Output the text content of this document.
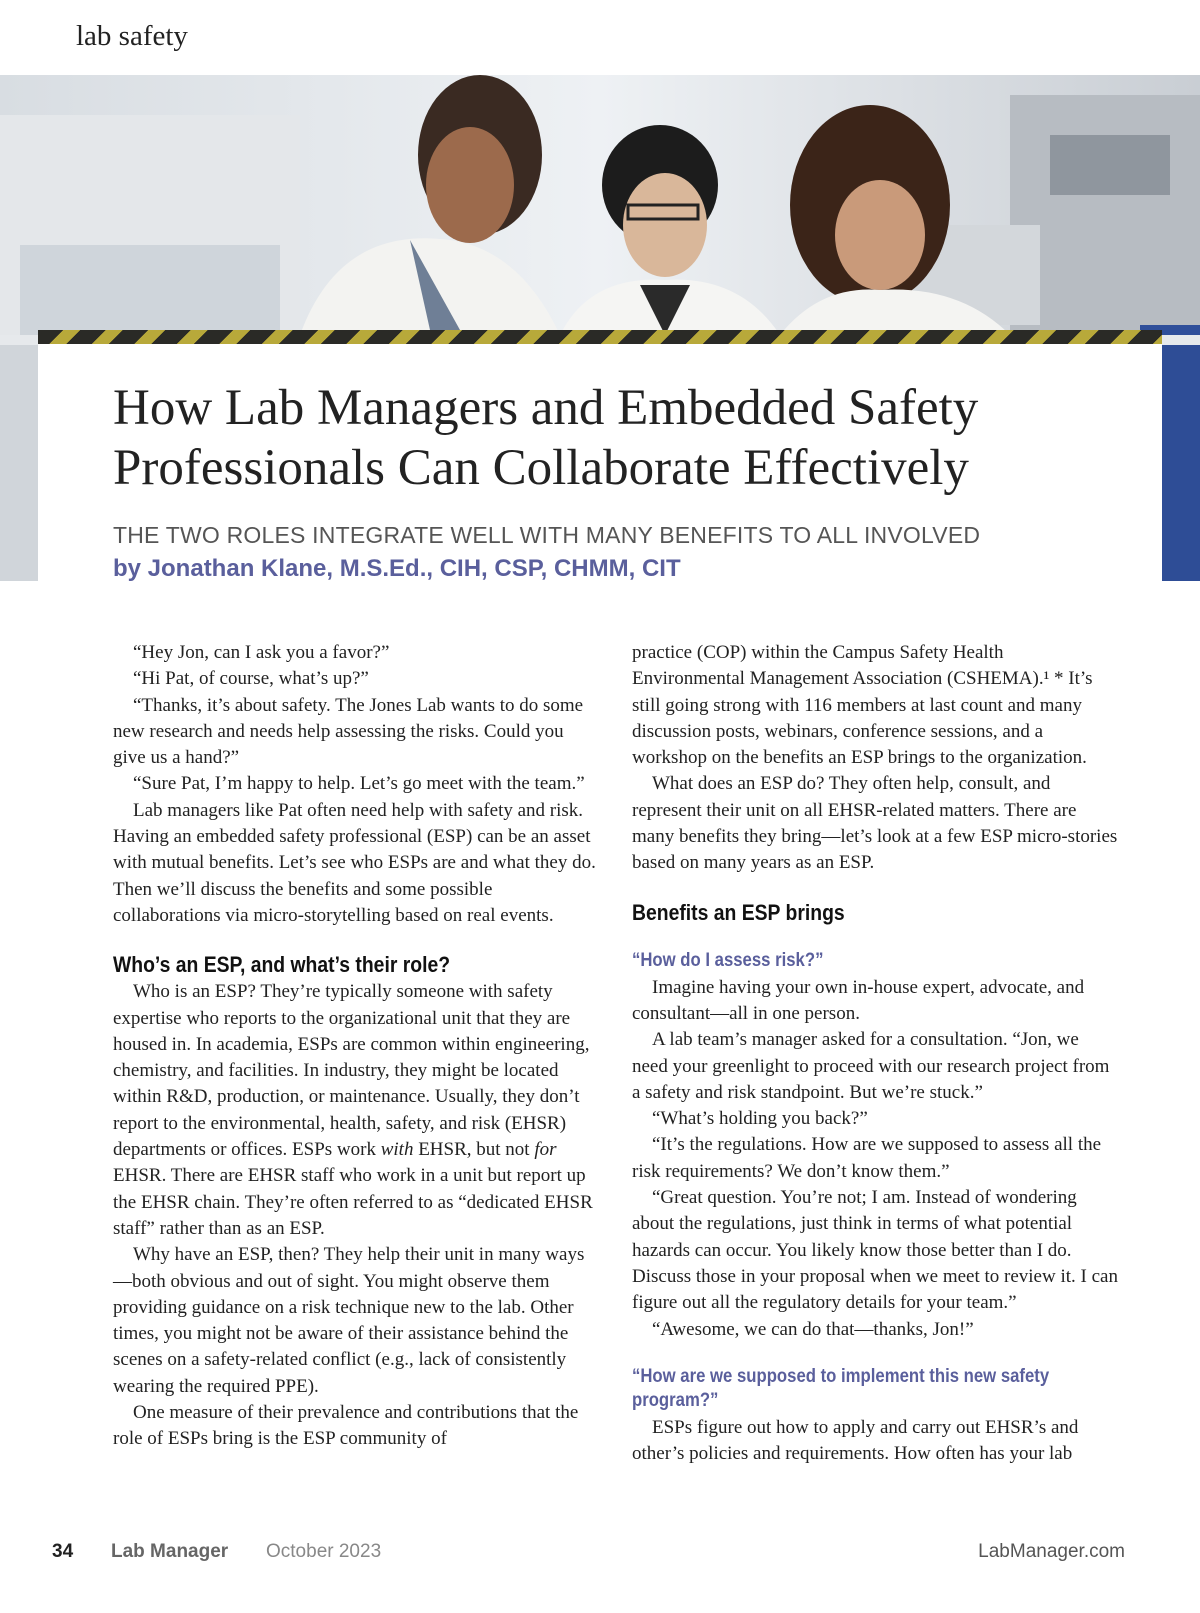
lab safety
How Lab Managers and Embedded Safety Professionals Can Collaborate Effectively

THE TWO ROLES INTEGRATE WELL WITH MANY BENEFITS TO ALL INVOLVED

by Jonathan Klane, M.S.Ed., CIH, CSP, CHMM, CIT

“Hey Jon, can I ask you a favor?”

“Hi Pat, of course, what’s up?”

“Thanks, it’s about safety. The Jones Lab wants to do some new research and needs help assessing the risks. Could you give us a hand?”

“Sure Pat, I’m happy to help. Let’s go meet with the team.”

Lab managers like Pat often need help with safety and risk. Having an embedded safety professional (ESP) can be an asset with mutual benefits. Let’s see who ESPs are and what they do. Then we’ll discuss the benefits and some possible collaborations via micro-storytelling based on real events.

Who’s an ESP, and what’s their role?

Who is an ESP? They’re typically someone with safety expertise who reports to the organizational unit that they are housed in. In academia, ESPs are common within engineering, chemistry, and facilities. In industry, they might be located within R&D, production, or maintenance. Usually, they don’t report to the environmental, health, safety, and risk (EHSR) departments or offices. ESPs work with EHSR, but not for EHSR. There are EHSR staff who work in a unit but report up the EHSR chain. They’re often referred to as “dedicated EHSR staff” rather than as an ESP.

Why have an ESP, then? They help their unit in many ways—both obvious and out of sight. You might observe them providing guidance on a risk technique new to the lab. Other times, you might not be aware of their assistance behind the scenes on a safety-related conflict (e.g., lack of consistently wearing the required PPE).

One measure of their prevalence and contributions that the role of ESPs bring is the ESP community of

practice (COP) within the Campus Safety Health Environmental Management Association (CSHEMA).¹ * It’s still going strong with 116 members at last count and many discussion posts, webinars, conference sessions, and a workshop on the benefits an ESP brings to the organization.

What does an ESP do? They often help, consult, and represent their unit on all EHSR-related matters. There are many benefits they bring—let’s look at a few ESP micro-stories based on many years as an ESP.

Benefits an ESP brings
“How do I assess risk?”

Imagine having your own in-house expert, advocate, and consultant—all in one person.

A lab team’s manager asked for a consultation. “Jon, we need your greenlight to proceed with our research project from a safety and risk standpoint. But we’re stuck.”

“What’s holding you back?”

“It’s the regulations. How are we supposed to assess all the risk requirements? We don’t know them.”

“Great question. You’re not; I am. Instead of wondering about the regulations, just think in terms of what potential hazards can occur. You likely know those better than I do. Discuss those in your proposal when we meet to review it. I can figure out all the regulatory details for your team.”

“Awesome, we can do that—thanks, Jon!”

“How are we supposed to implement this new safety program?”

ESPs figure out how to apply and carry out EHSR’s and other’s policies and requirements. How often has your lab

34 Lab Manager October 2023	LabManager.com
